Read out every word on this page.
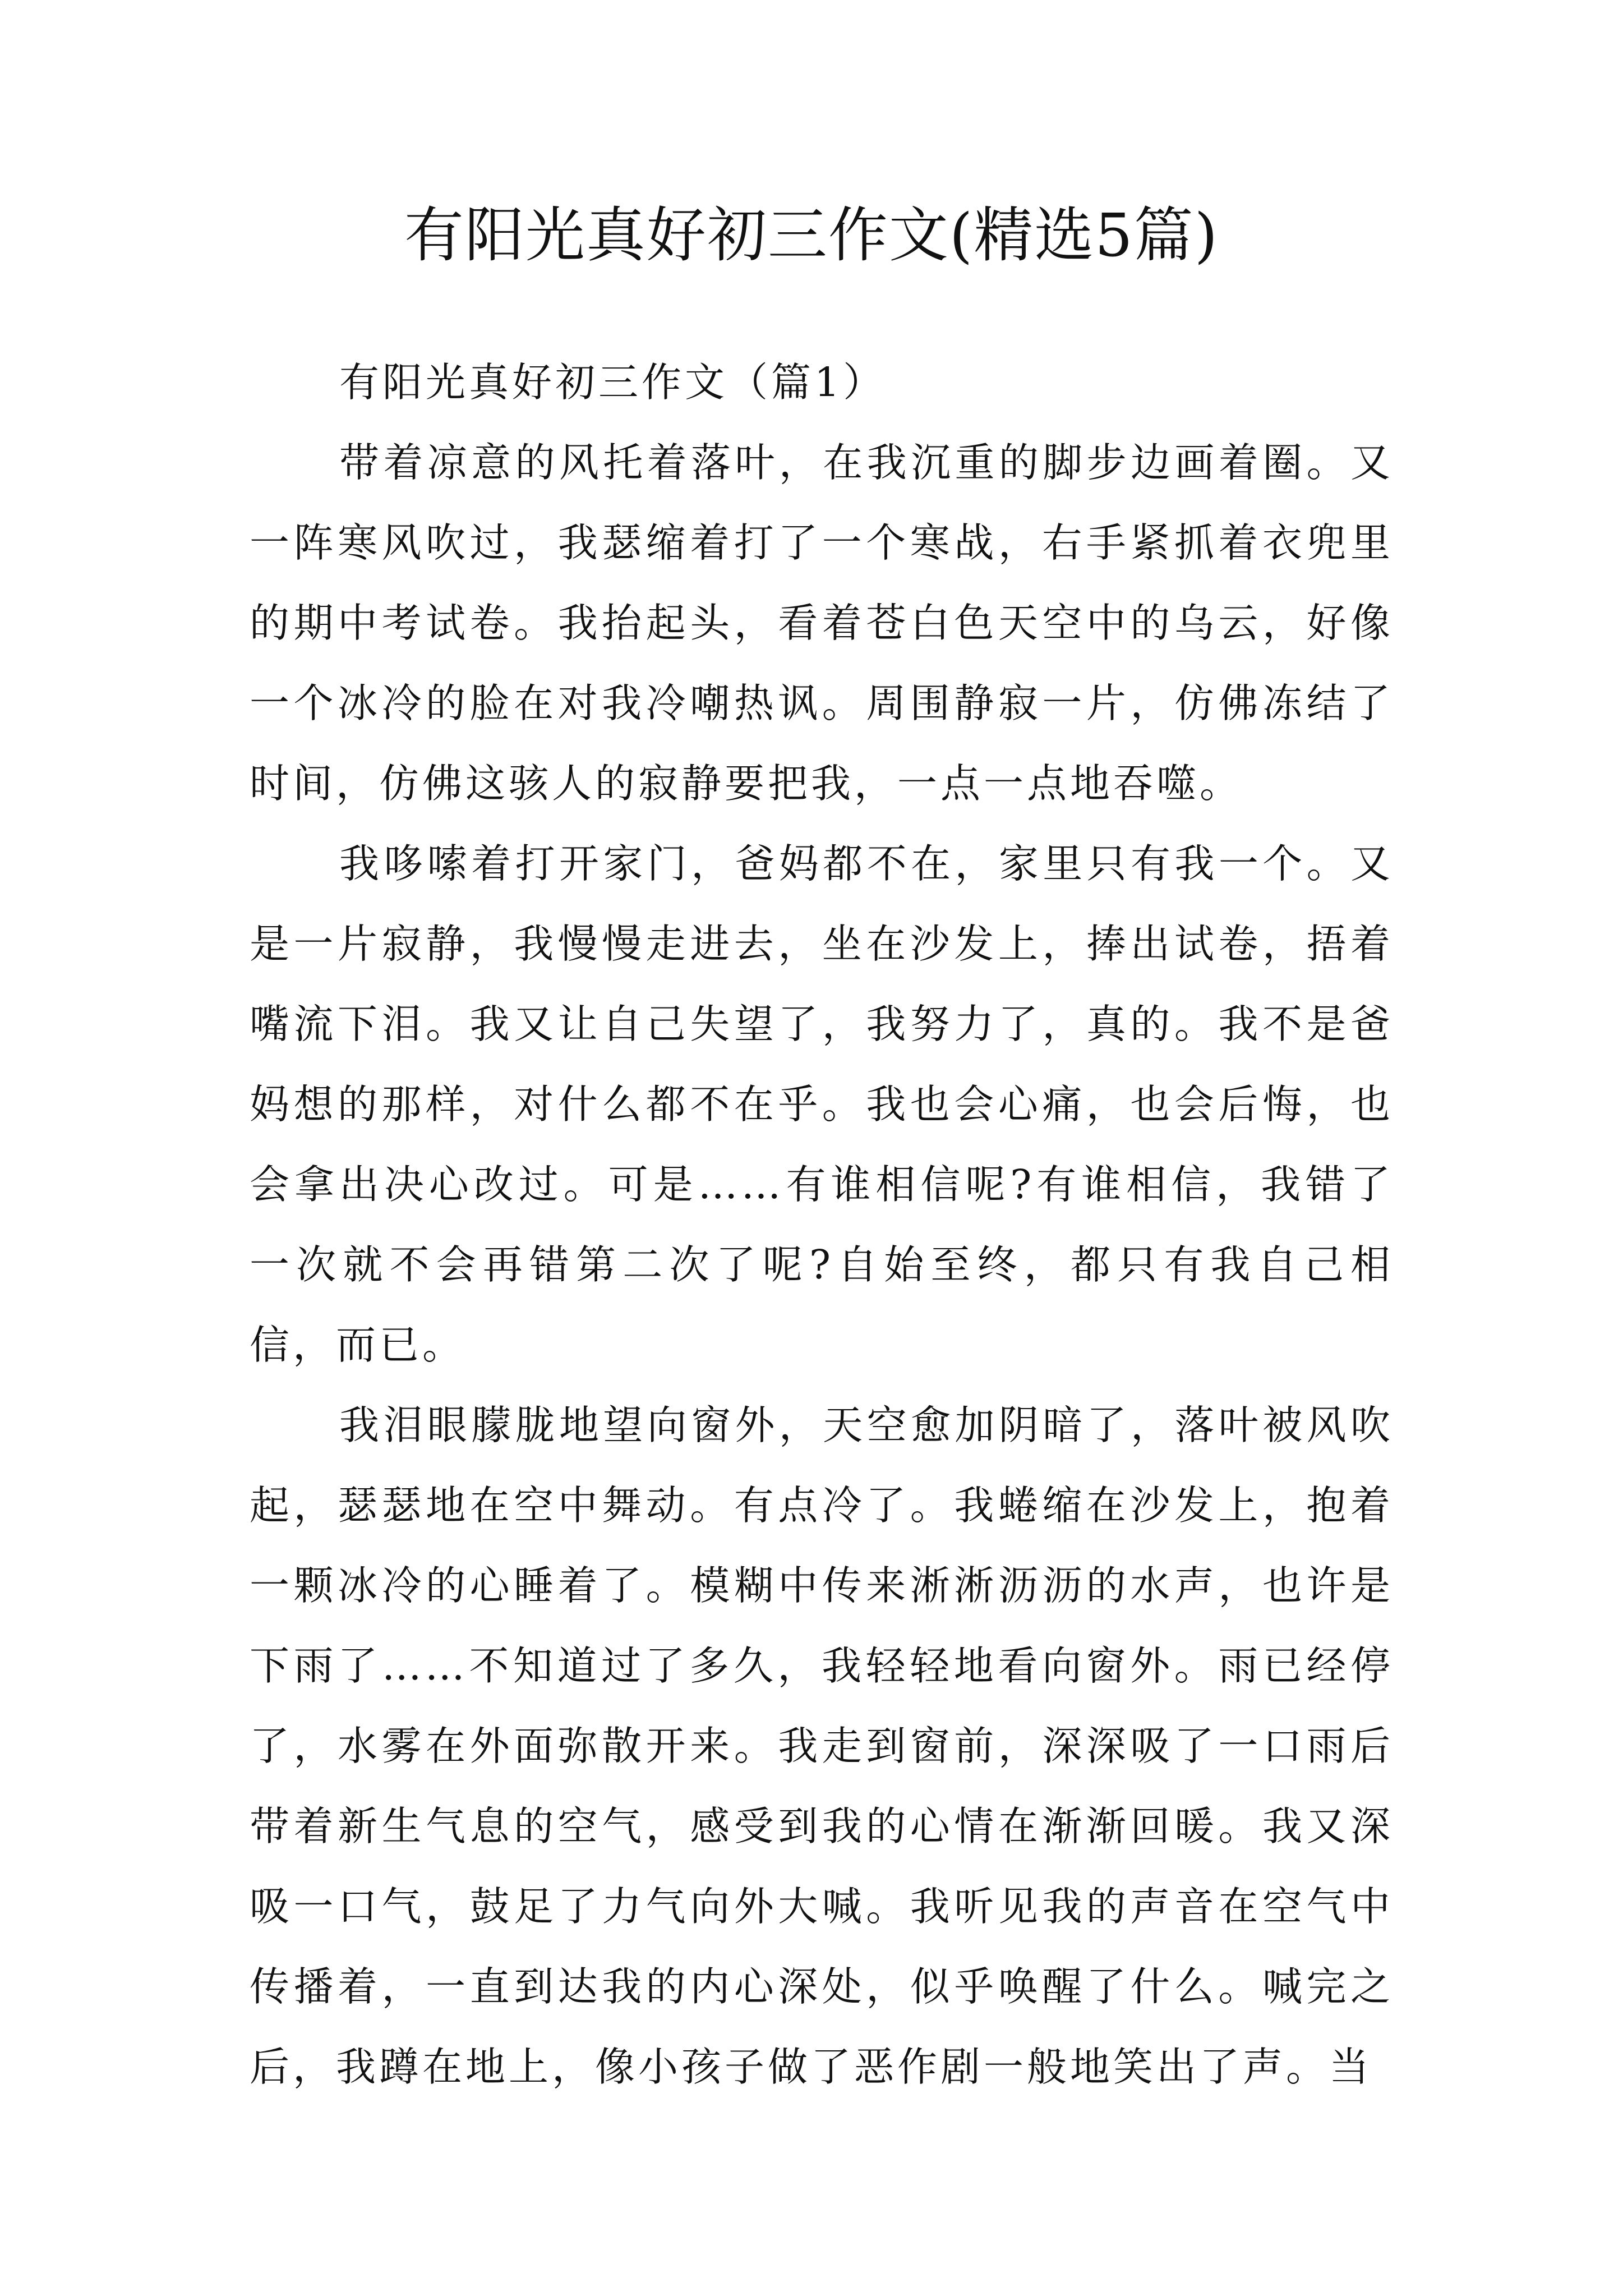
有阳光真好初三作文(精选5篇)

有阳光真好初三作文（篇1）

带着凉意的风托着落叶，在我沉重的脚步边画着圈。又一阵寒风吹过，我瑟缩着打了一个寒战，右手紧抓着衣兜里的期中考试卷。我抬起头，看着苍白色天空中的乌云，好像一个冰冷的脸在对我冷嘲热讽。周围静寂一片，仿佛冻结了时间，仿佛这骇人的寂静要把我，一点一点地吞噬。

我哆嗦着打开家门，爸妈都不在，家里只有我一个。又是一片寂静，我慢慢走进去，坐在沙发上，捧出试卷，捂着嘴流下泪。我又让自己失望了，我努力了，真的。我不是爸妈想的那样，对什么都不在乎。我也会心痛，也会后悔，也会拿出决心改过。可是……有谁相信呢?有谁相信，我错了一次就不会再错第二次了呢?自始至终，都只有我自己相信，而已。

我泪眼朦胧地望向窗外，天空愈加阴暗了，落叶被风吹起，瑟瑟地在空中舞动。有点冷了。我蜷缩在沙发上，抱着一颗冰冷的心睡着了。模糊中传来淅淅沥沥的水声，也许是下雨了……不知道过了多久，我轻轻地看向窗外。雨已经停了，水雾在外面弥散开来。我走到窗前，深深吸了一口雨后带着新生气息的空气，感受到我的心情在渐渐回暖。我又深吸一口气，鼓足了力气向外大喊。我听见我的声音在空气中传播着，一直到达我的内心深处，似乎唤醒了什么。喊完之后，我蹲在地上，像小孩子做了恶作剧一般地笑出了声。当
